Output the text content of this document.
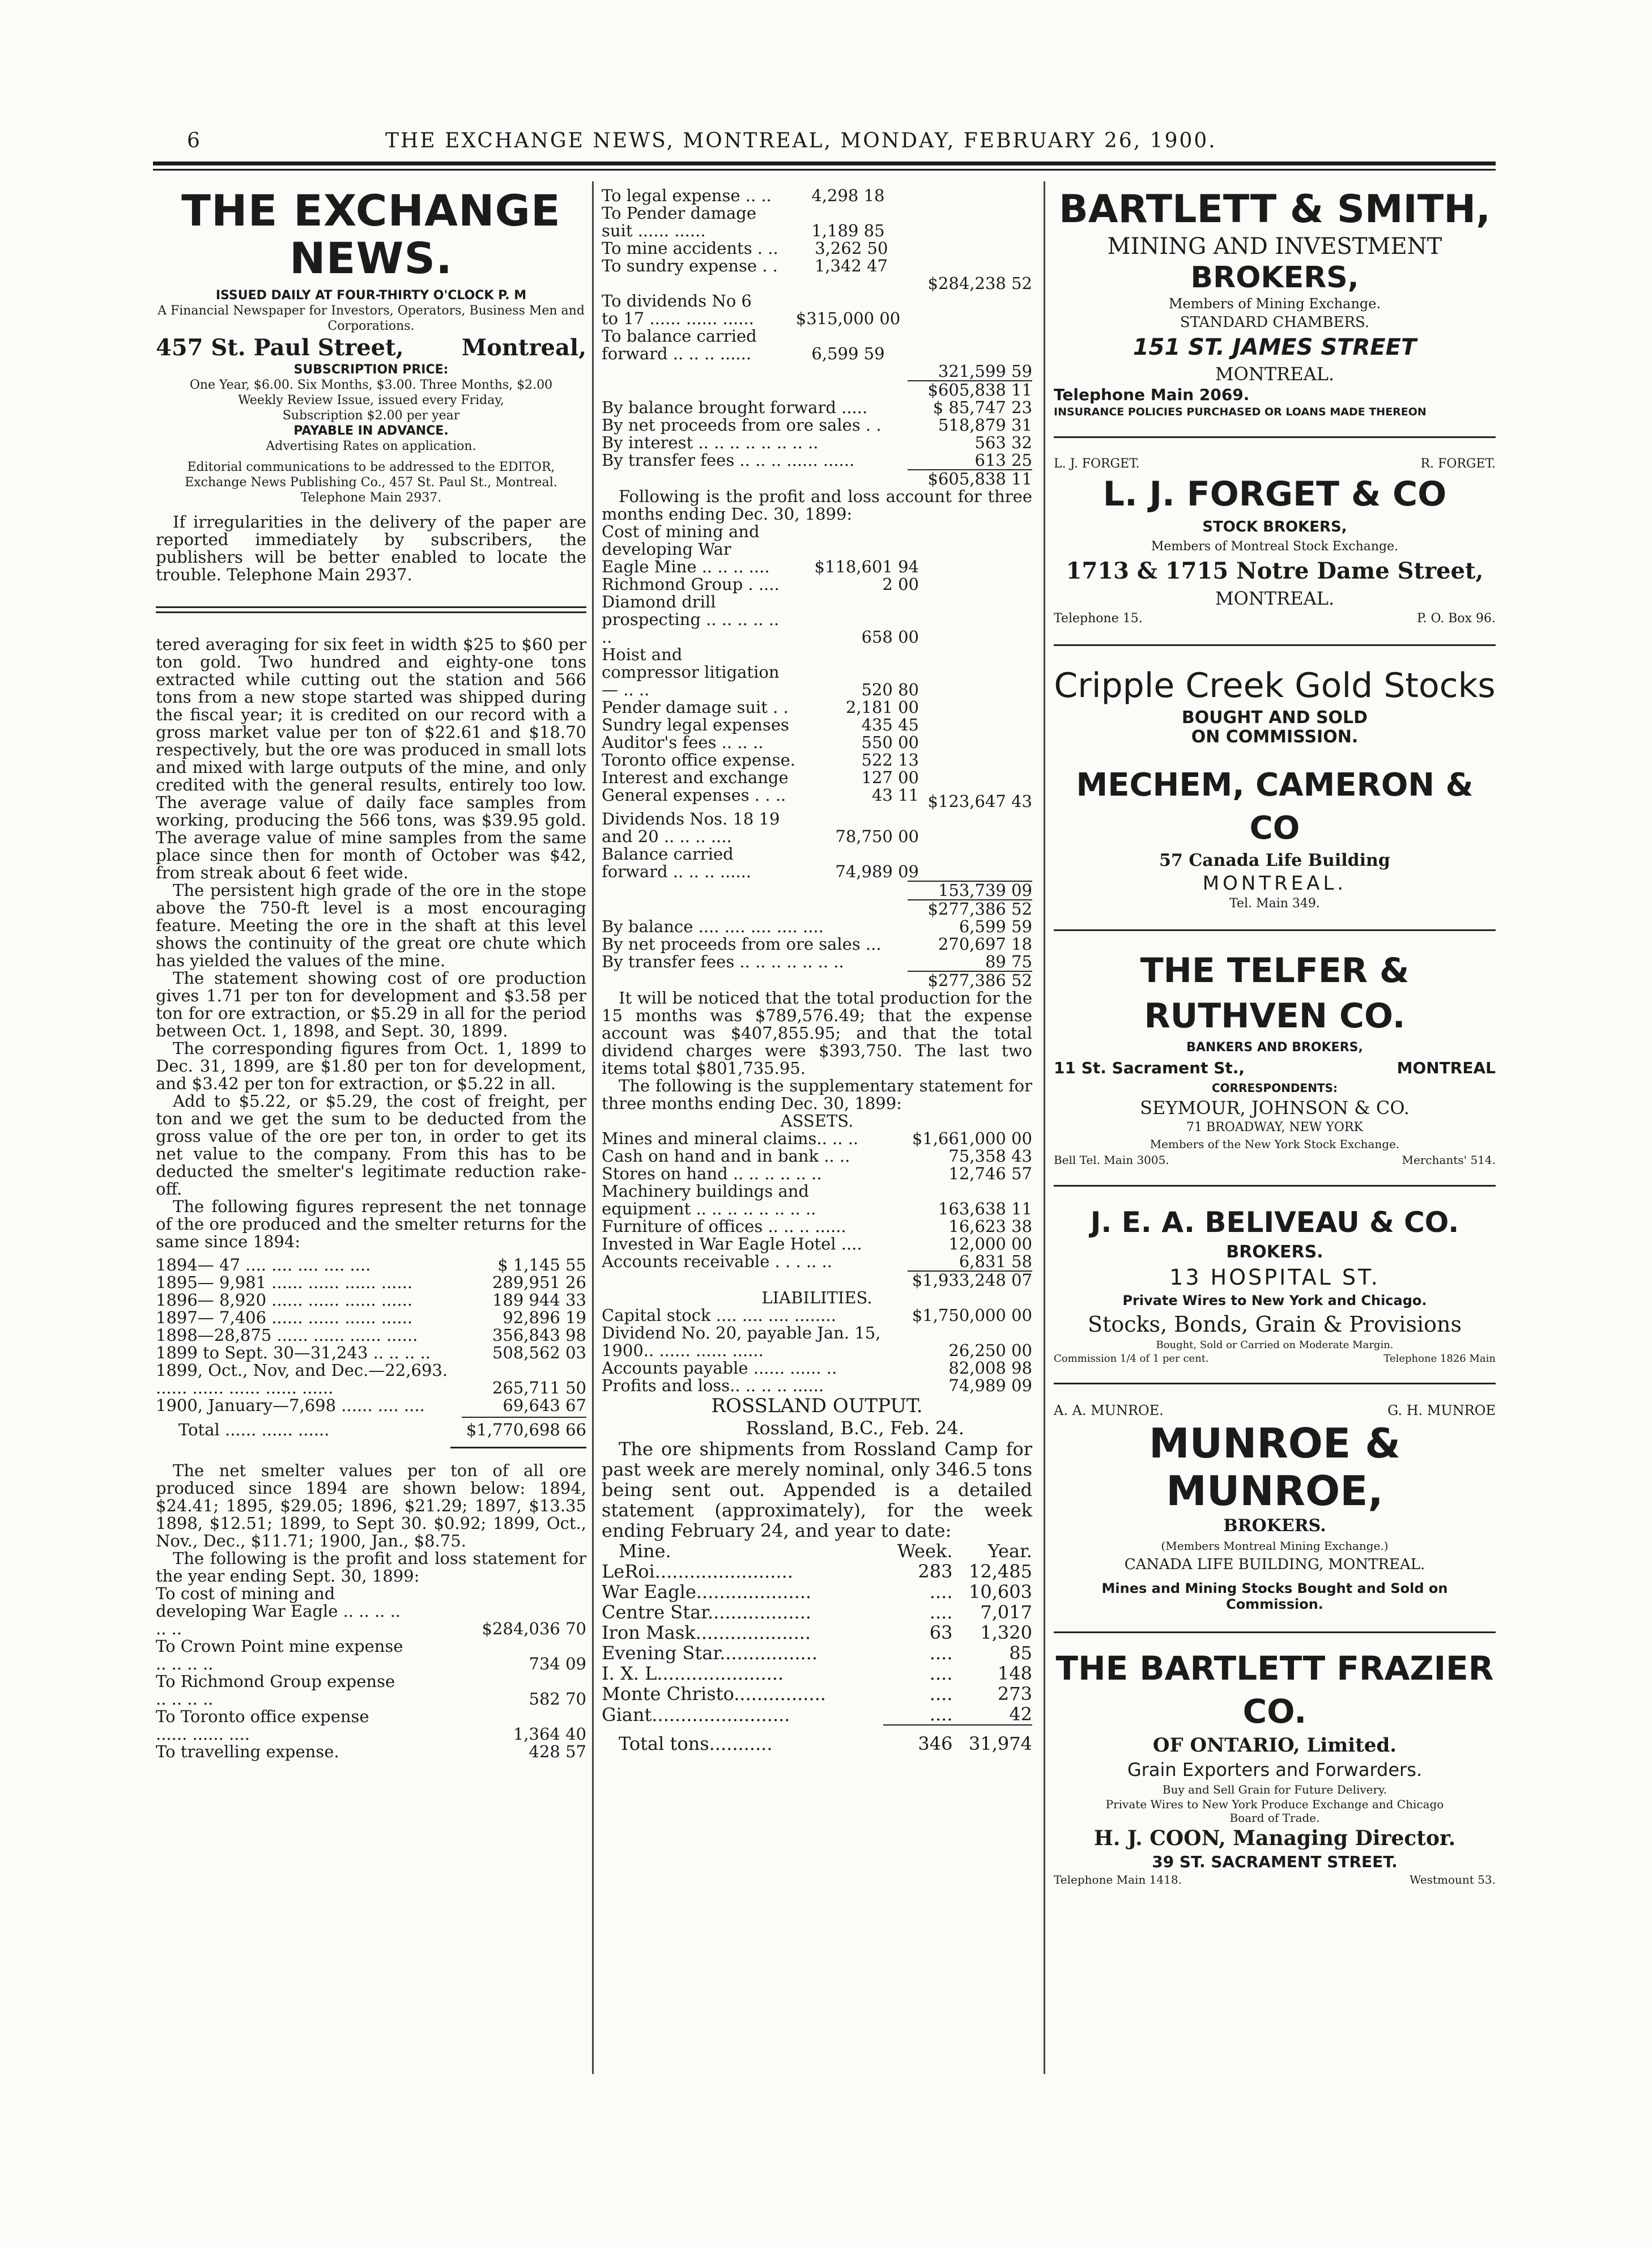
6	THE EXCHANGE NEWS, MONTREAL, MONDAY, FEBRUARY 26, 1900.
THE EXCHANGE NEWS.
ISSUED DAILY AT FOUR-THIRTY O'CLOCK P. M
A Financial Newspaper for Investors, Operators, Business Men and Corporations.
457 St. Paul Street,	Montreal,
SUBSCRIPTION PRICE:
One Year, $6.00. Six Months, $3.00. Three Months, $2.00
Weekly Review Issue, issued every Friday,
Subscription $2.00 per year
PAYABLE IN ADVANCE.
Advertising Rates on application.
Editorial communications to be addressed to the EDITOR, Exchange News Publishing Co., 457 St. Paul St., Montreal.
Telephone Main 2937.

If irregularities in the delivery of the paper are reported immediately by subscribers, the publishers will be better enabled to locate the trouble. Telephone Main 2937.

tered averaging for six feet in width $25 to $60 per ton gold. Two hundred and eighty-one tons extracted while cutting out the station and 566 tons from a new stope started was shipped during the fiscal year; it is credited on our record with a gross market value per ton of $22.61 and $18.70 respectively, but the ore was produced in small lots and mixed with large outputs of the mine, and only credited with the general results, entirely too low. The average value of daily face samples from working, producing the 566 tons, was $39.95 gold. The average value of mine samples from the same place since then for month of October was $42, from streak about 6 feet wide.

The persistent high grade of the ore in the stope above the 750-ft level is a most encouraging feature. Meeting the ore in the shaft at this level shows the continuity of the great ore chute which has yielded the values of the mine.

The statement showing cost of ore production gives 1.71 per ton for development and $3.58 per ton for ore extraction, or $5.29 in all for the period between Oct. 1, 1898, and Sept. 30, 1899.

The corresponding figures from Oct. 1, 1899 to Dec. 31, 1899, are $1.80 per ton for development, and $3.42 per ton for extraction, or $5.22 in all.

Add to $5.22, or $5.29, the cost of freight, per ton and we get the sum to be deducted from the gross value of the ore per ton, in order to get its net value to the company. From this has to be deducted the smelter's legitimate reduction rake-off.

The following figures represent the net tonnage of the ore produced and the smelter returns for the same since 1894:

1894— 47 .... .... .... .... ....	$ 1,145 55
1895— 9,981 ...... ...... ...... ......	289,951 26
1896— 8,920 ...... ...... ...... ......	189 944 33
1897— 7,406 ...... ...... ...... ......	92,896 19
1898—28,875 ...... ...... ...... ......	356,843 98
1899 to Sept. 30—31,243 .. .. .. ..	508,562 03
1899, Oct., Nov, and Dec.—22,693.
...... ...... ...... ...... ......	265,711 50
1900, January—7,698 ...... .... ....	69,643 67
Total ...... ...... ......	$1,770,698 66

The net smelter values per ton of all ore produced since 1894 are shown below: 1894, $24.41; 1895, $29.05; 1896, $21.29; 1897, $13.35 1898, $12.51; 1899, to Sept 30. $0.92; 1899, Oct., Nov., Dec., $11.71; 1900, Jan., $8.75.

The following is the profit and loss statement for the year ending Sept. 30, 1899:

To cost of mining and developing War Eagle .. .. .. .. .. ..	$284,036 70
To Crown Point mine expense .. .. .. ..	734 09
To Richmond Group expense .. .. .. ..	582 70
To Toronto office expense ...... ...... ....	1,364 40
To travelling expense.	428 57
To legal expense .. .. 4,298 18
To Pender damage suit ...... ......	1,189 85
To mine accidents . .. 3,262 50
To sundry expense . . 1,342 47
$284,238 52
To dividends No 6 to 17 ...... ...... ......	$315,000 00
To balance carried forward .. .. .. ......	6,599 59
321,599 59
$605,838 11
By balance brought forward .....	$ 85,747 23
By net proceeds from ore sales . .	518,879 31
By interest .. .. .. .. .. .. .. ..	563 32
By transfer fees .. .. .. ...... ......	613 25
$605,838 11

Following is the profit and loss account for three months ending Dec. 30, 1899:

Cost of mining and developing War Eagle Mine .. .. .. ....	$118,601 94
Richmond Group . ....	2 00
Diamond drill prospecting .. .. .. .. .. ..	658 00
Hoist and compressor litigation — .. ..	520 80
Pender damage suit . .	2,181 00
Sundry legal expenses	435 45
Auditor's fees .. .. ..	550 00
Toronto office expense.	522 13
Interest and exchange	127 00
General expenses . . ..	43 11 $123,647 43
Dividends Nos. 18 19 and 20 .. .. .. ....	78,750 00
Balance carried forward .. .. .. ......	74,989 09
153,739 09
$277,386 52
By balance .... .... .... .... ....	6,599 59
By net proceeds from ore sales ...	270,697 18
By transfer fees .. .. .. .. .. .. ..	89 75
$277,386 52

It will be noticed that the total production for the 15 months was $789,576.49; that the expense account was $407,855.95; and that the total dividend charges were $393,750. The last two items total $801,735.95.

The following is the supplementary statement for three months ending Dec. 30, 1899:

ASSETS.
Mines and mineral claims.. .. ..	$1,661,000 00
Cash on hand and in bank .. ..	75,358 43
Stores on hand .. .. .. .. .. ..	12,746 57
Machinery buildings and equipment .. .. .. .. .. .. .. ..	163,638 11
Furniture of offices .. .. .. ......	16,623 38
Invested in War Eagle Hotel ....	12,000 00
Accounts receivable . . . .. ..	6,831 58
$1,933,248 07
LIABILITIES.
Capital stock .... .... .... ........	$1,750,000 00
Dividend No. 20, payable Jan. 15, 1900.. ...... ...... ......	26,250 00
Accounts payable ...... ...... ..	82,008 98
Profits and loss.. .. .. .. ......	74,989 09
ROSSLAND OUTPUT.
Rossland, B.C., Feb. 24.

The ore shipments from Rossland Camp for past week are merely nominal, only 346.5 tons being sent out. Appended is a detailed statement (approximately), for the week ending February 24, and year to date:

Mine.	Week.	Year.
LeRoi........................	283	12,485
War Eagle....................	....	10,603
Centre Star..................	....	7,017
Iron Mask....................	63	1,320
Evening Star.................	....	85
I. X. L......................	....	148
Monte Christo................	....	273
Giant........................	....	42
Total tons...........	346	31,974
BARTLETT & SMITH,
MINING AND INVESTMENT
BROKERS,
Members of Mining Exchange.
STANDARD CHAMBERS.
151 ST. JAMES STREET
MONTREAL.
Telephone Main 2069.
INSURANCE POLICIES PURCHASED OR LOANS MADE THEREON
L. J. FORGET.	R. FORGET.
L. J. FORGET & CO
STOCK BROKERS,
Members of Montreal Stock Exchange.
1713 & 1715 Notre Dame Street,
MONTREAL.
Telephone 15.	P. O. Box 96.
Cripple Creek Gold Stocks
BOUGHT AND SOLD
ON COMMISSION.
MECHEM, CAMERON & CO
57 Canada Life Building
MONTREAL.
Tel. Main 349.
THE TELFER & RUTHVEN CO.
BANKERS AND BROKERS,
11 St. Sacrament St.,	MONTREAL
CORRESPONDENTS:
SEYMOUR, JOHNSON & CO.
71 BROADWAY, NEW YORK
Members of the New York Stock Exchange.
Bell Tel. Main 3005.	Merchants' 514.
J. E. A. BELIVEAU & CO.
BROKERS.
13 HOSPITAL ST.
Private Wires to New York and Chicago.
Stocks, Bonds, Grain & Provisions
Bought, Sold or Carried on Moderate Margin.
Commission 1/4 of 1 per cent.	Telephone 1826 Main
A. A. MUNROE.	G. H. MUNROE
MUNROE & MUNROE,
BROKERS.
(Members Montreal Mining Exchange.)
CANADA LIFE BUILDING, MONTREAL.
Mines and Mining Stocks Bought and Sold on Commission.
THE BARTLETT FRAZIER CO.
OF ONTARIO, Limited.
Grain Exporters and Forwarders.
Buy and Sell Grain for Future Delivery.
Private Wires to New York Produce Exchange and Chicago Board of Trade.
H. J. COON, Managing Director.
39 ST. SACRAMENT STREET.
Telephone Main 1418.	Westmount 53.
